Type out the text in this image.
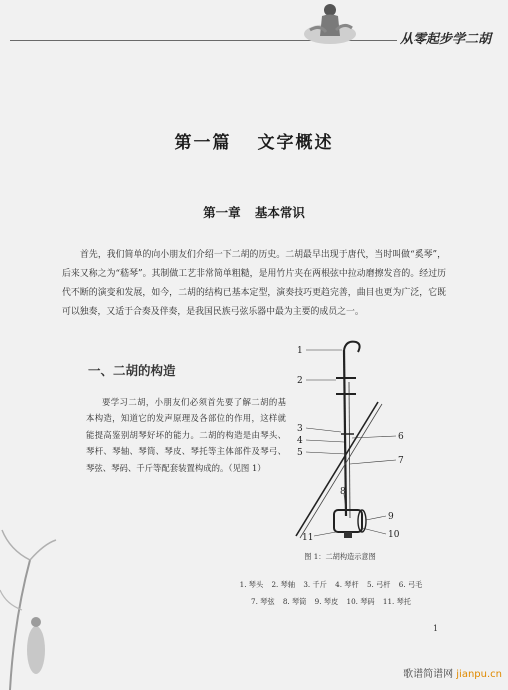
从零起步学二胡
第一篇 文字概述
第一章 基本常识

首先，我们简单的向小朋友们介绍一下二胡的历史。二胡最早出现于唐代，当时叫做“奚琴”，后来又称之为“嵇琴”。其制做工艺非常简单粗糙，是用竹片夹在两根弦中拉动磨擦发音的。经过历代不断的演变和发展，如今，二胡的结构已基本定型，演奏技巧更趋完善，曲目也更为广泛，它既可以独奏，又适于合奏及伴奏，是我国民族弓弦乐器中最为主要的成员之一。

一、二胡的构造

要学习二胡，小朋友们必须首先要了解二胡的基本构造，知道它的发声原理及各部位的作用，这样就能提高鉴别胡琴好坏的能力。二胡的构造是由琴头、琴杆、琴轴、琴筒、琴皮、琴托等主体部件及琴弓、琴弦、琴码、千斤等配套装置构成的。（见图 1）

1
2
3
4
5
6
7
8
9
10
11
图 1：二胡构造示意图
1. 琴头 2. 琴轴 3. 千斤 4. 琴杆 5. 弓杆 6. 弓毛
7. 琴弦 8. 琴筒 9. 琴皮 10. 琴码 11. 琴托
1
歌谱简谱网 jianpu.cn
